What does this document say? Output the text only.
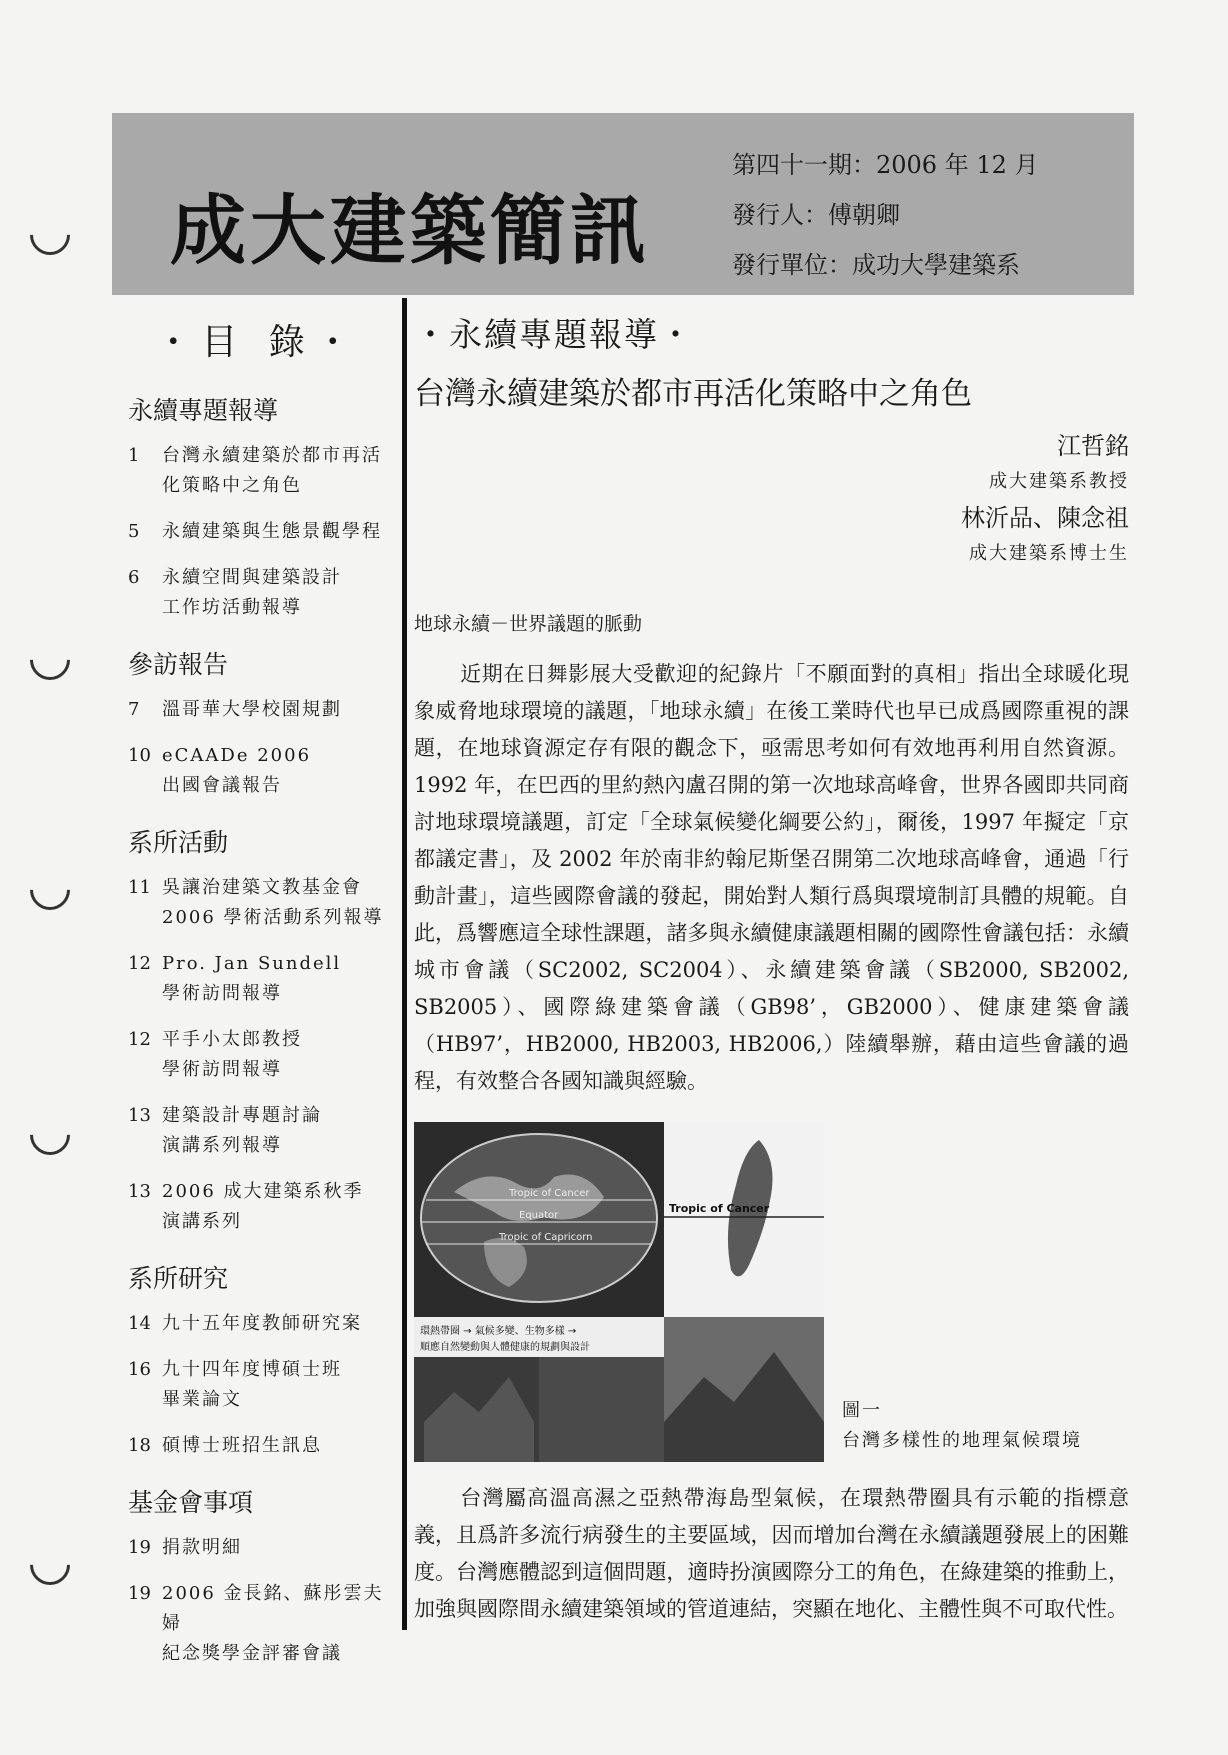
成大建築簡訊
第四十一期：2006 年 12 月
發行人：傅朝卿
發行單位：成功大學建築系
・目 錄・
永續專題報導
1	台灣永續建築於都市再活
化策略中之角色
5	永續建築與生態景觀學程
6	永續空間與建築設計
工作坊活動報導
參訪報告
7	溫哥華大學校園規劃
10 eCAADe 2006
出國會議報告
系所活動
11 吳讓治建築文教基金會
2006 學術活動系列報導
12 Pro. Jan Sundell
學術訪問報導
12 平手小太郎教授
學術訪問報導
13 建築設計專題討論
演講系列報導
13 2006 成大建築系秋季
演講系列
系所研究
14 九十五年度教師研究案
16 九十四年度博碩士班
畢業論文
18 碩博士班招生訊息
基金會事項
19 捐款明細
19 2006 金長銘、蘇彤雲夫婦
紀念獎學金評審會議
・永續專題報導・
台灣永續建築於都市再活化策略中之角色
江哲銘
成大建築系教授
林沂品、陳念祖
成大建築系博士生
地球永續－世界議題的脈動

近期在日舞影展大受歡迎的紀錄片「不願面對的真相」指出全球暖化現象威脅地球環境的議題，「地球永續」在後工業時代也早已成爲國際重視的課題，在地球資源定存有限的觀念下，亟需思考如何有效地再利用自然資源。1992 年，在巴西的里約熱內盧召開的第一次地球高峰會，世界各國即共同商討地球環境議題，訂定「全球氣候變化綱要公約」，爾後，1997 年擬定「京都議定書」，及 2002 年於南非約翰尼斯堡召開第二次地球高峰會，通過「行動計畫」，這些國際會議的發起，開始對人類行爲與環境制訂具體的規範。自此，爲響應這全球性課題，諸多與永續健康議題相關的國際性會議包括：永續城市會議（SC2002, SC2004）、永續建築會議（SB2000, SB2002, SB2005）、國際綠建築會議（GB98’，GB2000）、健康建築會議（HB97’，HB2000, HB2003, HB2006,）陸續舉辦，藉由這些會議的過程，有效整合各國知識與經驗。

Tropic of Cancer
Equator
Tropic of Capricorn
Tropic of Cancer
環熱帶圈 → 氣候多變、生物多樣 →
順應自然變動與人體健康的規劃與設計
圖一
台灣多樣性的地理氣候環境

台灣屬高溫高濕之亞熱帶海島型氣候，在環熱帶圈具有示範的指標意義，且爲許多流行病發生的主要區域，因而增加台灣在永續議題發展上的困難度。台灣應體認到這個問題，適時扮演國際分工的角色，在綠建築的推動上，加強與國際間永續建築領域的管道連結，突顯在地化、主體性與不可取代性。
